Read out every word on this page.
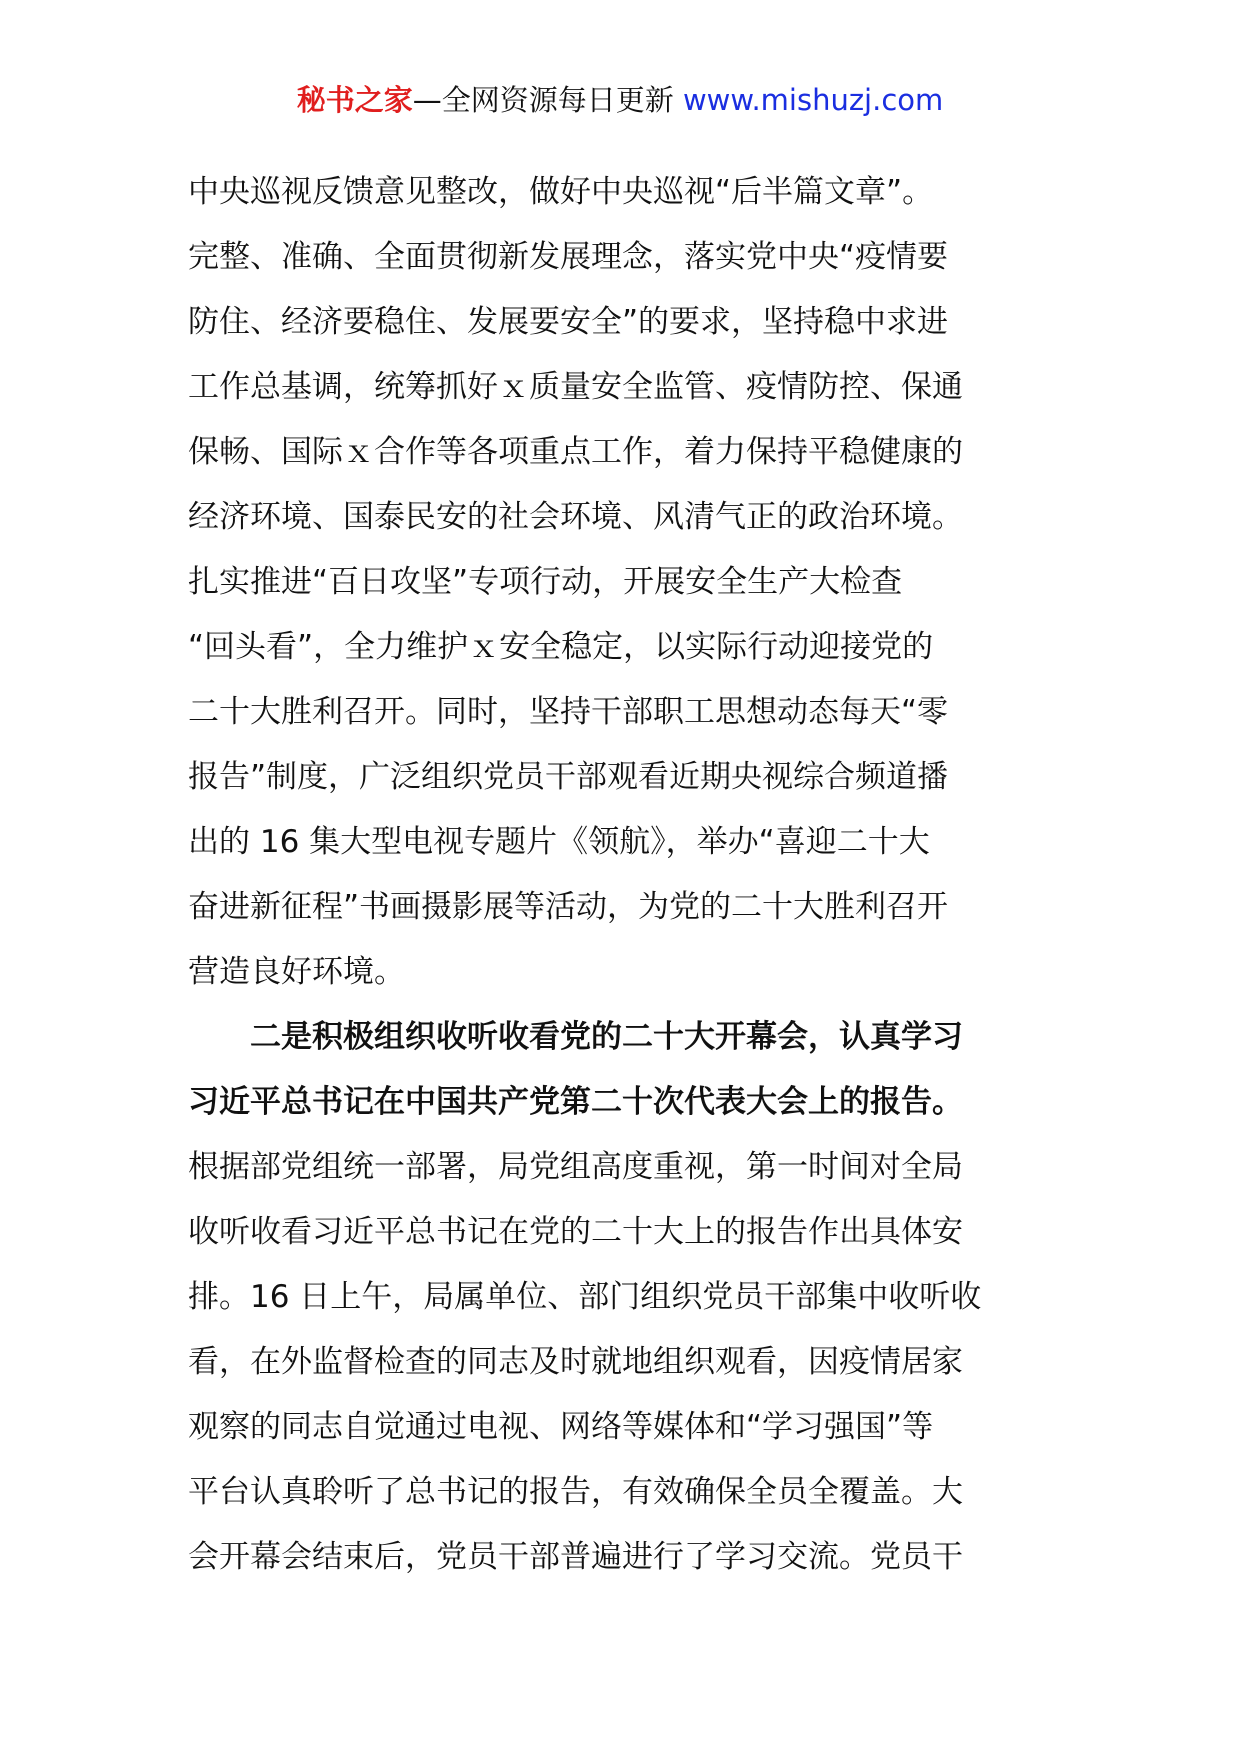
秘书之家—全网资源每日更新 www.mishuzj.com
中央巡视反馈意见整改，做好中央巡视“后半篇文章”。
完整、准确、全面贯彻新发展理念，落实党中央“疫情要
防住、经济要稳住、发展要安全”的要求，坚持稳中求进
工作总基调，统筹抓好ｘ质量安全监管、疫情防控、保通
保畅、国际ｘ合作等各项重点工作，着力保持平稳健康的
经济环境、国泰民安的社会环境、风清气正的政治环境。
扎实推进“百日攻坚”专项行动，开展安全生产大检查
“回头看”，全力维护ｘ安全稳定，以实际行动迎接党的
二十大胜利召开。同时，坚持干部职工思想动态每天“零
报告”制度，广泛组织党员干部观看近期央视综合频道播
出的 16 集大型电视专题片《领航》，举办“喜迎二十大
奋进新征程”书画摄影展等活动，为党的二十大胜利召开
营造良好环境。
　　二是积极组织收听收看党的二十大开幕会，认真学习
习近平总书记在中国共产党第二十次代表大会上的报告。
根据部党组统一部署，局党组高度重视，第一时间对全局
收听收看习近平总书记在党的二十大上的报告作出具体安
排。16 日上午，局属单位、部门组织党员干部集中收听收
看，在外监督检查的同志及时就地组织观看，因疫情居家
观察的同志自觉通过电视、网络等媒体和“学习强国”等
平台认真聆听了总书记的报告，有效确保全员全覆盖。大
会开幕会结束后，党员干部普遍进行了学习交流。党员干
